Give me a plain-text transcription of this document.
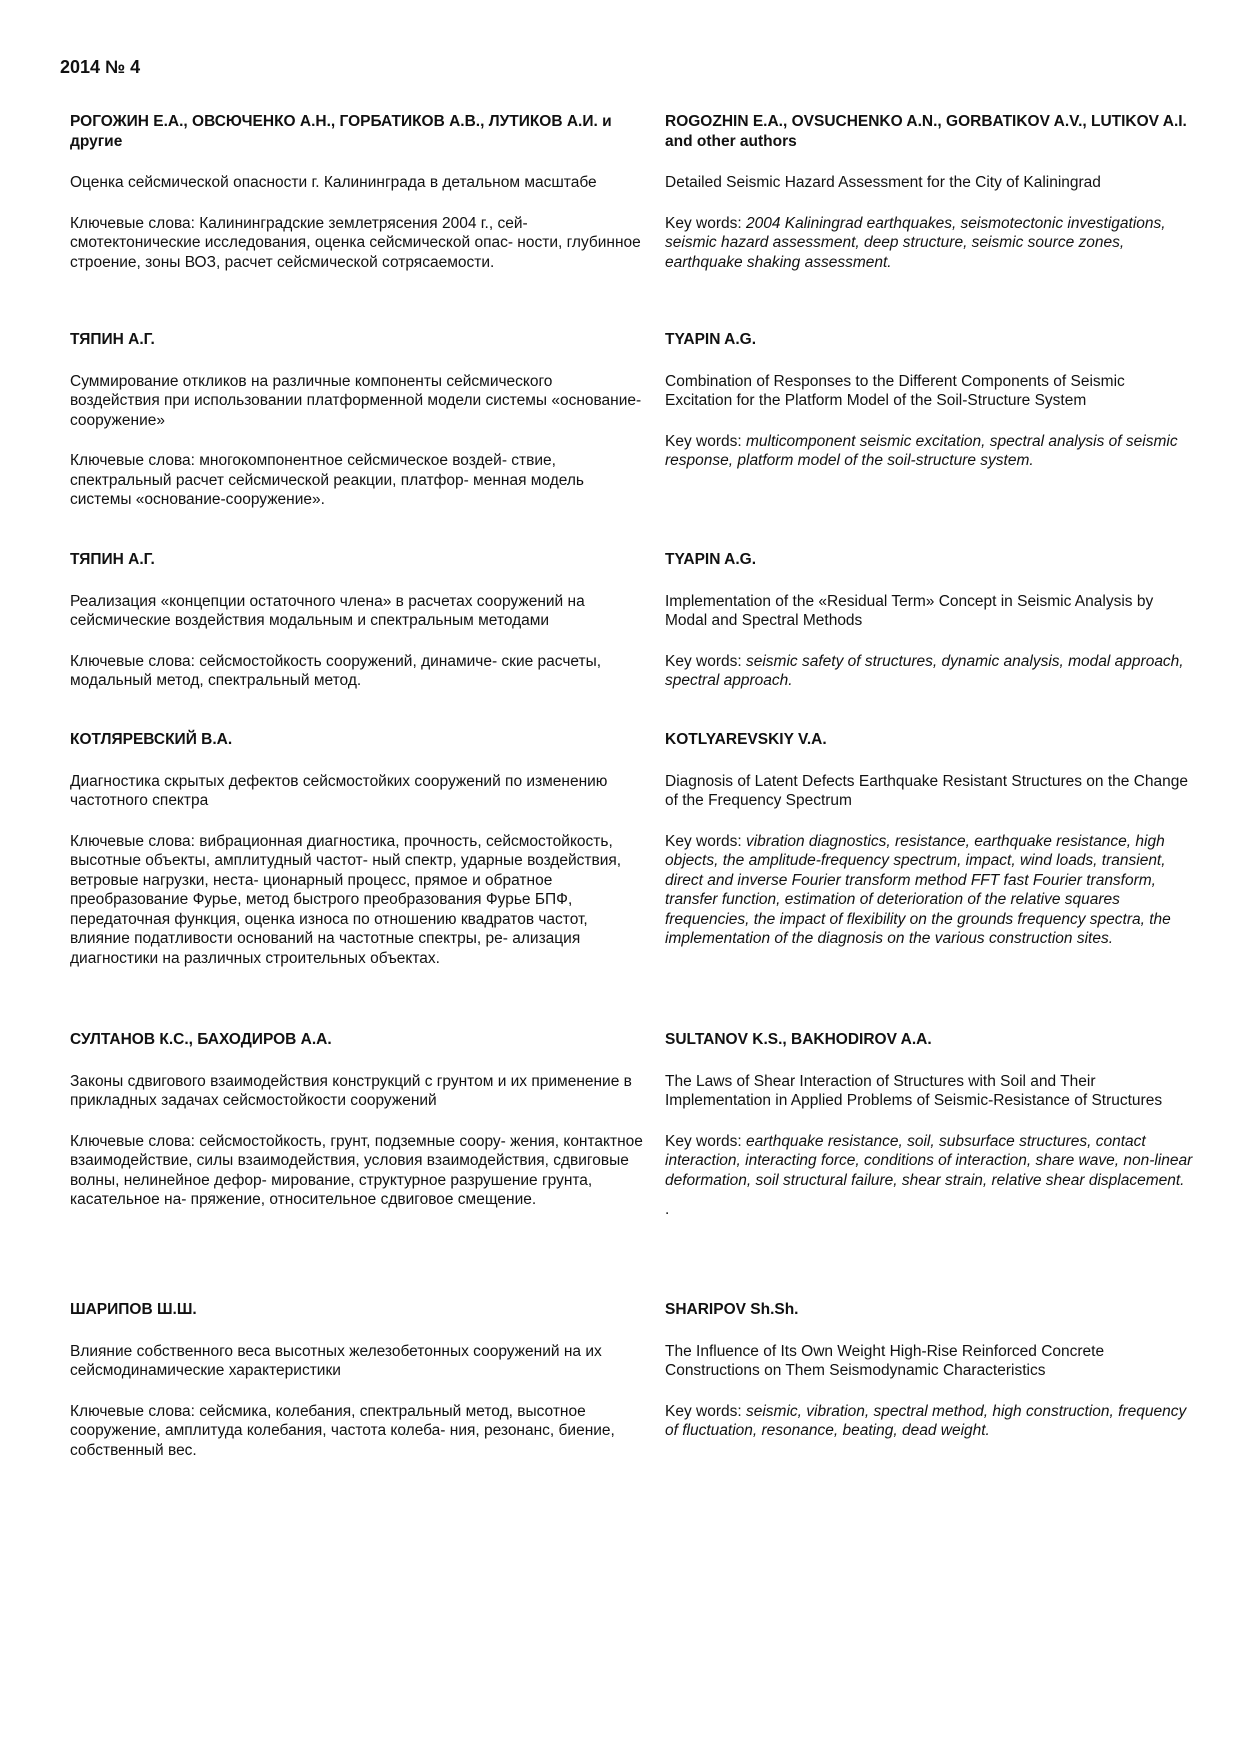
2014 № 4

РОГОЖИН Е.А., ОВСЮЧЕНКО А.Н., ГОРБАТИКОВ А.В., ЛУТИКОВ А.И. и другие

Оценка сейсмической опасности г. Калининграда в детальном масштабе

Ключевые слова: Калининградские землетрясения 2004 г., сей- смотектонические исследования, оценка сейсмической опас- ности, глубинное строение, зоны ВОЗ, расчет сейсмической сотрясаемости.

ROGOZHIN E.A., OVSUCHENKO A.N., GORBATIKOV A.V., LUTIKOV A.I. and other authors

Detailed Seismic Hazard Assessment for the City of Kaliningrad

Key words: 2004 Kaliningrad earthquakes, seismotectonic investigations, seismic hazard assessment, deep structure, seismic source zones, earthquake shaking assessment.

ТЯПИН А.Г.

Суммирование откликов на различные компоненты сейсмического воздействия при использовании платформенной модели системы «основание-сооружение»

Ключевые слова: многокомпонентное сейсмическое воздей- ствие, спектральный расчет сейсмической реакции, платфор- менная модель системы «основание-сооружение».

TYAPIN A.G.

Combination of Responses to the Different Components of Seismic Excitation for the Platform Model of the Soil-Structure System

Key words: multicomponent seismic excitation, spectral analysis of seismic response, platform model of the soil-structure system.

ТЯПИН А.Г.

Реализация «концепции остаточного члена» в расчетах сооружений на сейсмические воздействия модальным и спектральным методами

Ключевые слова: сейсмостойкость сооружений, динамиче- ские расчеты, модальный метод, спектральный метод.

TYAPIN A.G.

Implementation of the «Residual Term» Concept in Seismic Analysis by Modal and Spectral Methods

Key words: seismic safety of structures, dynamic analysis, modal approach, spectral approach.

КОТЛЯРЕВСКИЙ В.А.

Диагностика скрытых дефектов сейсмостойких сооружений по изменению частотного спектра

Ключевые слова: вибрационная диагностика, прочность, сейсмостойкость, высотные объекты, амплитудный частот- ный спектр, ударные воздействия, ветровые нагрузки, неста- ционарный процесс, прямое и обратное преобразование Фурье, метод быстрого преобразования Фурье БПФ, передаточная функция, оценка износа по отношению квадратов частот, влияние податливости оснований на частотные спектры, ре- ализация диагностики на различных строительных объектах.

KOTLYAREVSKIY V.A.

Diagnosis of Latent Defects Earthquake Resistant Structures on the Change of the Frequency Spectrum

Key words: vibration diagnostics, resistance, earthquake resistance, high objects, the amplitude-frequency spectrum, impact, wind loads, transient, direct and inverse Fourier transform method FFT fast Fourier transform, transfer function, estimation of deterioration of the relative squares frequencies, the impact of flexibility on the grounds frequency spectra, the implementation of the diagnosis on the various construction sites.

СУЛТАНОВ К.С., БАХОДИРОВ А.А.

Законы сдвигового взаимодействия конструкций с грунтом и их применение в прикладных задачах сейсмостойкости сооружений

Ключевые слова: сейсмостойкость, грунт, подземные соору- жения, контактное взаимодействие, силы взаимодействия, условия взаимодействия, сдвиговые волны, нелинейное дефор- мирование, структурное разрушение грунта, касательное на- пряжение, относительное сдвиговое смещение.

SULTANOV K.S., BAKHODIROV A.A.

The Laws of Shear Interaction of Structures with Soil and Their Implementation in Applied Problems of Seismic-Resistance of Structures

Key words: earthquake resistance, soil, subsurface structures, contact interaction, interacting force, conditions of interaction, share wave, non-linear deformation, soil structural failure, shear strain, relative shear displacement.

.

ШАРИПОВ Ш.Ш.

Влияние собственного веса высотных железобетонных сооружений на их сейсмодинамические характеристики

Ключевые слова: сейсмика, колебания, спектральный метод, высотное сооружение, амплитуда колебания, частота колеба- ния, резонанс, биение, собственный вес.

SHARIPOV Sh.Sh.

The Influence of Its Own Weight High-Rise Reinforced Concrete Constructions on Them Seismodynamic Characteristics

Key words: seismic, vibration, spectral method, high construction, frequency of fluctuation, resonance, beating, dead weight.
